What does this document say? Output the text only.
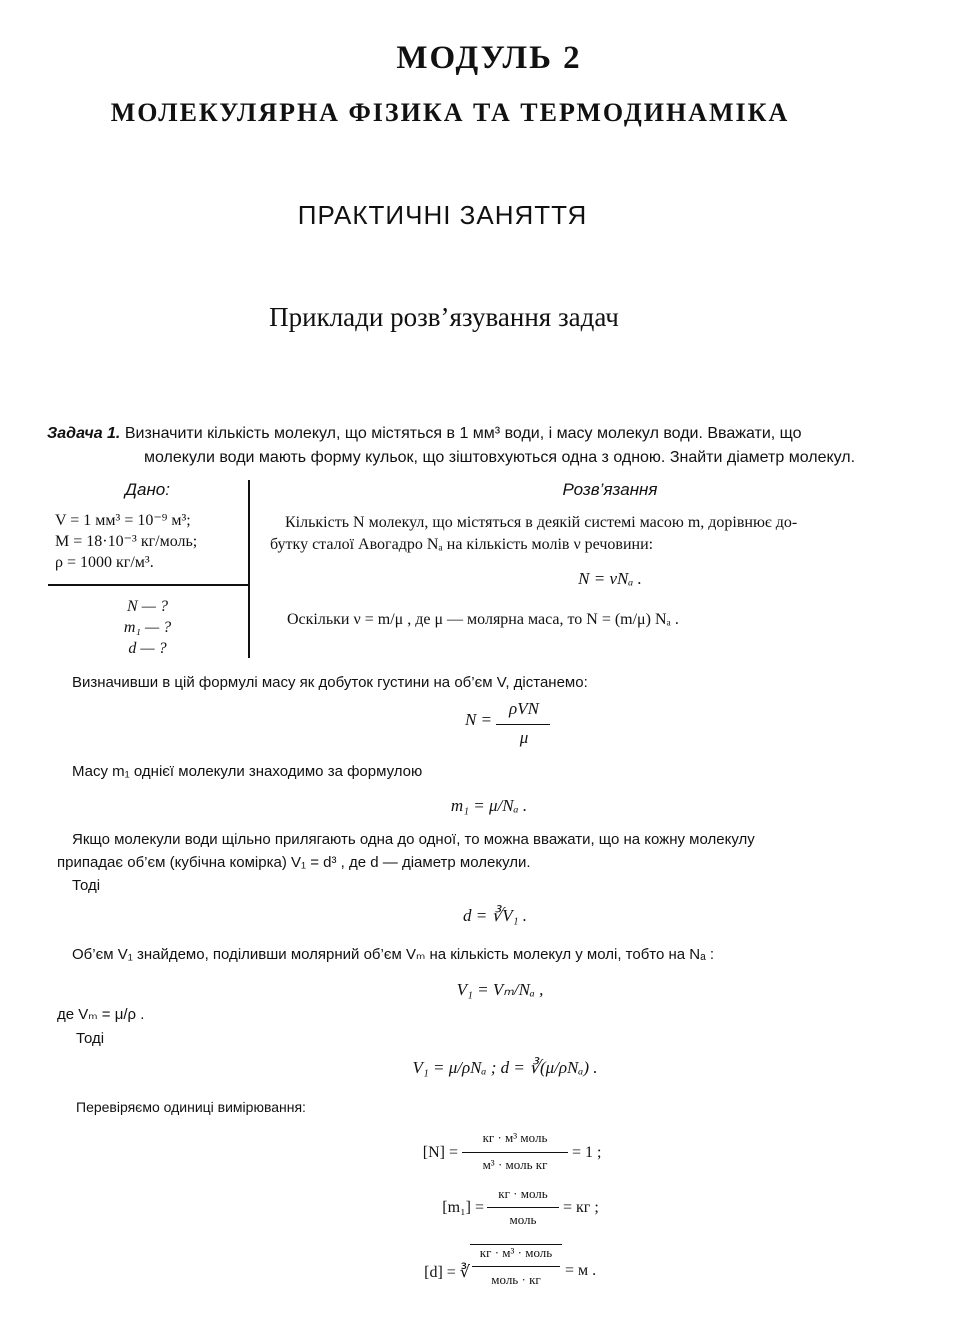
МОДУЛЬ 2
МОЛЕКУЛЯРНА ФІЗИКА ТА ТЕРМОДИНАМІКА
ПРАКТИЧНІ ЗАНЯТТЯ
Приклади розв’язування задач
Задача 1. Визначити кількість молекул, що містяться в 1 мм³ води, і масу молекул води. Вважати, що
молекули води мають форму кульок, що зіштовхуються одна з одною. Знайти діаметр молекул.
Дано:
V = 1 мм³ = 10⁻⁹ м³;
M = 18·10⁻³ кг/моль;
ρ = 1000 кг/м³.
N — ?
m₁ — ?
d — ?
Розв’язання
Кількість N молекул, що містяться в деякій системі масою m, дорівнює до-
бутку сталої Авогадро Nₐ на кількість молів ν речовини:
N = νNₐ .
Оскільки ν = m/μ , де μ — молярна маса, то N = (m/μ) Nₐ .
Визначивши в цій формулі масу як добуток густини на об’єм V, дістанемо:
N =
ρVN
μ
Масу m₁ однієї молекули знаходимо за формулою
m₁ = μ/Nₐ .
Якщо молекули води щільно прилягають одна до одної, то можна вважати, що на кожну молекулу
припадає об’єм (кубічна комірка) V₁ = d³ , де d — діаметр молекули.
Тоді
d = ∛V₁ .
Об’єм V₁ знайдемо, поділивши молярний об’єм Vₘ на кількість молекул у молі, тобто на Nₐ :
V₁ = Vₘ/Nₐ ,
де Vₘ = μ/ρ .
Тоді
V₁ = μ/ρNₐ ; d = ∛(μ/ρNₐ) .
Перевіряємо одиниці вимірювання:
[N] =
кг · м³ моль
м³ · моль кг
= 1 ;
[m₁] =
кг · моль
моль
= кг ;
[d] = ∛
кг · м³ · моль
моль · кг
= м .
